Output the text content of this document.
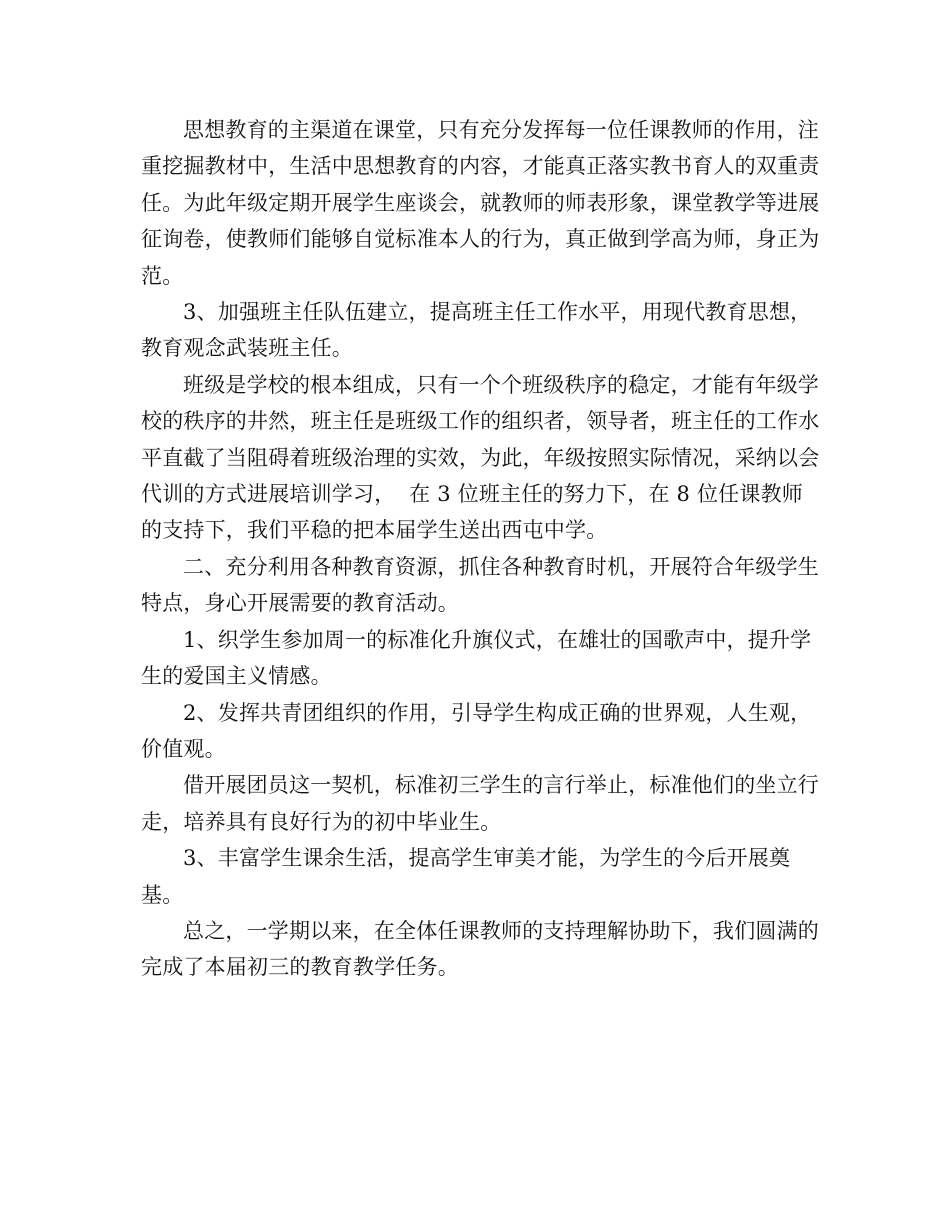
思想教育的主渠道在课堂，只有充分发挥每一位任课教师的作用，注重挖掘教材中，生活中思想教育的内容，才能真正落实教书育人的双重责任。为此年级定期开展学生座谈会，就教师的师表形象，课堂教学等进展征询卷，使教师们能够自觉标准本人的行为，真正做到学高为师，身正为范。

3、加强班主任队伍建立，提高班主任工作水平，用现代教育思想，教育观念武装班主任。

班级是学校的根本组成，只有一个个班级秩序的稳定，才能有年级学校的秩序的井然，班主任是班级工作的组织者，领导者，班主任的工作水平直截了当阻碍着班级治理的实效，为此，年级按照实际情况，采纳以会代训的方式进展培训学习，  在 3 位班主任的努力下，在 8 位任课教师的支持下，我们平稳的把本届学生送出西屯中学。

二、充分利用各种教育资源，抓住各种教育时机，开展符合年级学生特点，身心开展需要的教育活动。

1、织学生参加周一的标准化升旗仪式，在雄壮的国歌声中，提升学生的爱国主义情感。

2、发挥共青团组织的作用，引导学生构成正确的世界观，人生观，价值观。

借开展团员这一契机，标准初三学生的言行举止，标准他们的坐立行走，培养具有良好行为的初中毕业生。

3、丰富学生课余生活，提高学生审美才能，为学生的今后开展奠基。

总之，一学期以来，在全体任课教师的支持理解协助下，我们圆满的完成了本届初三的教育教学任务。
